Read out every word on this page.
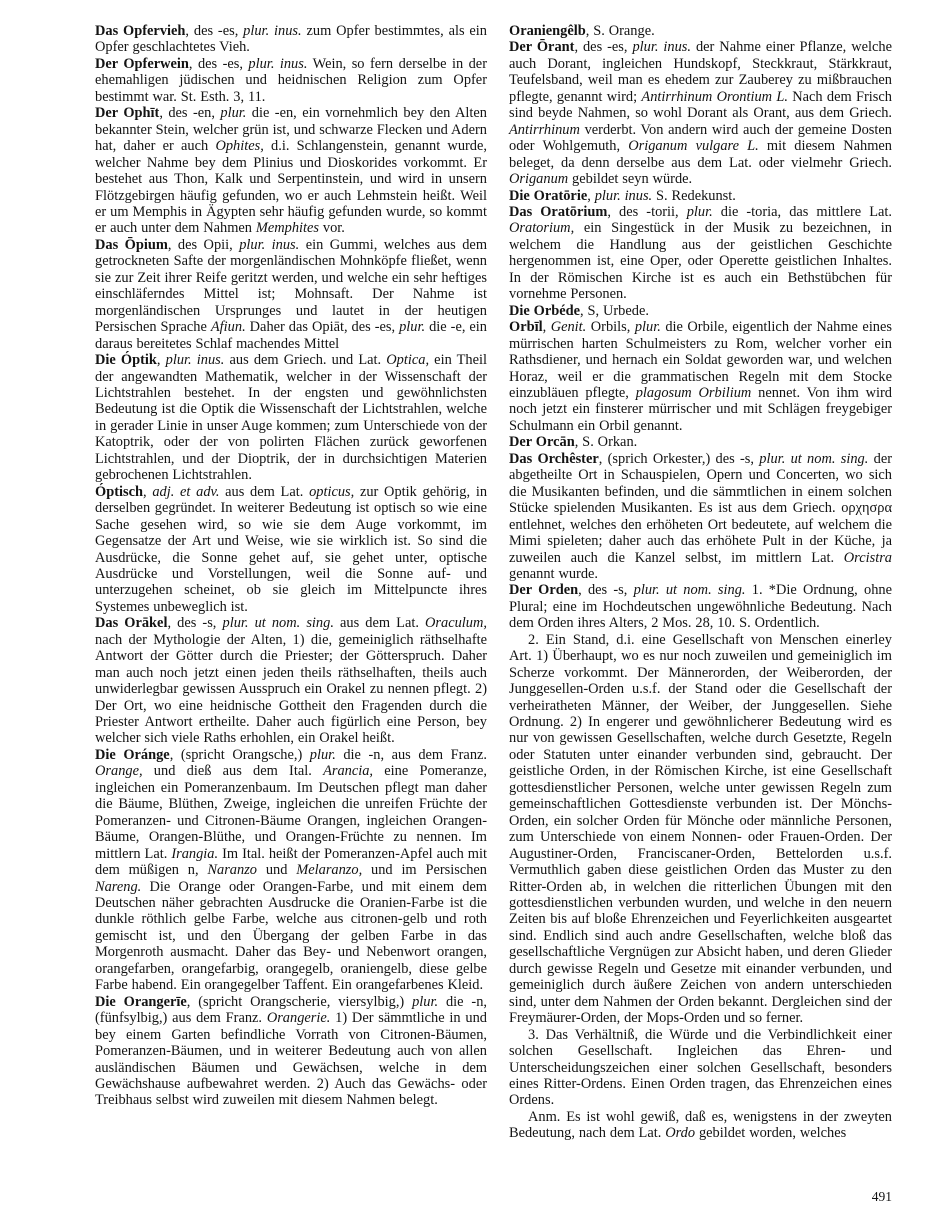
Das Opfervieh, des -es, plur. inus. zum Opfer bestimmtes, als ein Opfer geschlachtetes Vieh.

Der Opferwein, des -es, plur. inus. Wein, so fern derselbe in der ehemahligen jüdischen und heidnischen Religion zum Opfer bestimmt war. St. Esth. 3, 11.

Der Ophīt, des -en, plur. die -en, ein vornehmlich bey den Alten bekannter Stein, welcher grün ist, und schwarze Flecken und Adern hat, daher er auch Ophites, d.i. Schlangenstein, genannt wurde, welcher Nahme bey dem Plinius und Dioskorides vorkommt. Er bestehet aus Thon, Kalk und Serpentinstein, und wird in unsern Flötzgebirgen häufig gefunden, wo er auch Lehmstein heißt. Weil er um Memphis in Ägypten sehr häufig gefunden wurde, so kommt er auch unter dem Nahmen Memphites vor.

Das Ōpium, des Opii, plur. inus. ein Gummi, welches aus dem getrockneten Safte der morgenländischen Mohnköpfe fließet, wenn sie zur Zeit ihrer Reife geritzt werden, und welche ein sehr heftiges einschläferndes Mittel ist; Mohnsaft. Der Nahme ist morgenländischen Ursprunges und lautet in der heutigen Persischen Sprache Afiun. Daher das Opiāt, des -es, plur. die -e, ein daraus bereitetes Schlaf machendes Mittel

Die Óptik, plur. inus. aus dem Griech. und Lat. Optica, ein Theil der angewandten Mathematik, welcher in der Wissenschaft der Lichtstrahlen bestehet. In der engsten und gewöhnlichsten Bedeutung ist die Optik die Wissenschaft der Lichtstrahlen, welche in gerader Linie in unser Auge kommen; zum Unterschiede von der Katoptrik, oder der von polirten Flächen zurück geworfenen Lichtstrahlen, und der Dioptrik, der in durchsichtigen Materien gebrochenen Lichtstrahlen.

Óptisch, adj. et adv. aus dem Lat. opticus, zur Optik gehörig, in derselben gegründet. In weiterer Bedeutung ist optisch so wie eine Sache gesehen wird, so wie sie dem Auge vorkommt, im Gegensatze der Art und Weise, wie sie wirklich ist. So sind die Ausdrücke, die Sonne gehet auf, sie gehet unter, optische Ausdrücke und Vorstellungen, weil die Sonne auf- und unterzugehen scheinet, ob sie gleich im Mittelpuncte ihres Systemes unbeweglich ist.

Das Orākel, des -s, plur. ut nom. sing. aus dem Lat. Oraculum, nach der Mythologie der Alten, 1) die, gemeiniglich räthselhafte Antwort der Götter durch die Priester; der Götterspruch. Daher man auch noch jetzt einen jeden theils räthselhaften, theils auch unwiderlegbar gewissen Ausspruch ein Orakel zu nennen pflegt. 2) Der Ort, wo eine heidnische Gottheit den Fragenden durch die Priester Antwort ertheilte. Daher auch figürlich eine Person, bey welcher sich viele Raths erhohlen, ein Orakel heißt.

Die Oránge, (spricht Orangsche,) plur. die -n, aus dem Franz. Orange, und dieß aus dem Ital. Arancia, eine Pomeranze, ingleichen ein Pomeranzenbaum. Im Deutschen pflegt man daher die Bäume, Blüthen, Zweige, ingleichen die unreifen Früchte der Pomeranzen- und Citronen-Bäume Orangen, ingleichen Orangen-Bäume, Orangen-Blüthe, und Orangen-Früchte zu nennen. Im mittlern Lat. Irangia. Im Ital. heißt der Pomeranzen-Apfel auch mit dem müßigen n, Naranzo und Melaranzo, und im Persischen Nareng. Die Orange oder Orangen-Farbe, und mit einem dem Deutschen näher gebrachten Ausdrucke die Oranien-Farbe ist die dunkle röthlich gelbe Farbe, welche aus citronen-gelb und roth gemischt ist, und den Übergang der gelben Farbe in das Morgenroth ausmacht. Daher das Bey- und Nebenwort orangen, orangefarben, orangefarbig, orangegelb, oraniengelb, diese gelbe Farbe habend. Ein orangegelber Taffent. Ein orangefarbenes Kleid.

Die Orangerīe, (spricht Orangscherie, viersylbig,) plur. die -n, (fünfsylbig,) aus dem Franz. Orangerie. 1) Der sämmtliche in und bey einem Garten befindliche Vorrath von Citronen-Bäumen, Pomeranzen-Bäumen, und in weiterer Bedeutung auch von allen ausländischen Bäumen und Gewächsen, welche in dem Gewächshause aufbewahret werden. 2) Auch das Gewächs- oder Treibhaus selbst wird zuweilen mit diesem Nahmen belegt.

Oraniengêlb, S. Orange.

Der Ōrant, des -es, plur. inus. der Nahme einer Pflanze, welche auch Dorant, ingleichen Hundskopf, Steckkraut, Stärkkraut, Teufelsband, weil man es ehedem zur Zauberey zu mißbrauchen pflegte, genannt wird; Antirrhinum Orontium L. Nach dem Frisch sind beyde Nahmen, so wohl Dorant als Orant, aus dem Griech. Antirrhinum verderbt. Von andern wird auch der gemeine Dosten oder Wohlgemuth, Origanum vulgare L. mit diesem Nahmen beleget, da denn derselbe aus dem Lat. oder vielmehr Griech. Origanum gebildet seyn würde.

Die Oratōrie, plur. inus. S. Redekunst.

Das Oratōrium, des -torii, plur. die -toria, das mittlere Lat. Oratorium, ein Singestück in der Musik zu bezeichnen, in welchem die Handlung aus der geistlichen Geschichte hergenommen ist, eine Oper, oder Operette geistlichen Inhaltes. In der Römischen Kirche ist es auch ein Bethstübchen für vornehme Personen.

Die Orbéde, S, Urbede.

Orbīl, Genit. Orbils, plur. die Orbile, eigentlich der Nahme eines mürrischen harten Schulmeisters zu Rom, welcher vorher ein Rathsdiener, und hernach ein Soldat geworden war, und welchen Horaz, weil er die grammatischen Regeln mit dem Stocke einzubläuen pflegte, plagosum Orbilium nennet. Von ihm wird noch jetzt ein finsterer mürrischer und mit Schlägen freygebiger Schulmann ein Orbil genannt.

Der Orcān, S. Orkan.

Das Orchêster, (sprich Orkester,) des -s, plur. ut nom. sing. der abgetheilte Ort in Schauspielen, Opern und Concerten, wo sich die Musikanten befinden, und die sämmtlichen in einem solchen Stücke spielenden Musikanten. Es ist aus dem Griech. ορχησρα entlehnet, welches den erhöheten Ort bedeutete, auf welchem die Mimi spieleten; daher auch das erhöhete Pult in der Küche, ja zuweilen auch die Kanzel selbst, im mittlern Lat. Orcistra genannt wurde.

Der Orden, des -s, plur. ut nom. sing. 1. *Die Ordnung, ohne Plural; eine im Hochdeutschen ungewöhnliche Bedeutung. Nach dem Orden ihres Alters, 2 Mos. 28, 10. S. Ordentlich.

2. Ein Stand, d.i. eine Gesellschaft von Menschen einerley Art. 1) Überhaupt, wo es nur noch zuweilen und gemeiniglich im Scherze vorkommt. Der Männerorden, der Weiberorden, der Junggesellen-Orden u.s.f. der Stand oder die Gesellschaft der verheiratheten Männer, der Weiber, der Junggesellen. Siehe Ordnung. 2) In engerer und gewöhnlicherer Bedeutung wird es nur von gewissen Gesellschaften, welche durch Gesetzte, Regeln oder Statuten unter einander verbunden sind, gebraucht. Der geistliche Orden, in der Römischen Kirche, ist eine Gesellschaft gottesdienstlicher Personen, welche unter gewissen Regeln zum gemeinschaftlichen Gottesdienste verbunden ist. Der Mönchs-Orden, ein solcher Orden für Mönche oder männliche Personen, zum Unterschiede von einem Nonnen- oder Frauen-Orden. Der Augustiner-Orden, Franciscaner-Orden, Bettelorden u.s.f. Vermuthlich gaben diese geistlichen Orden das Muster zu den Ritter-Orden ab, in welchen die ritterlichen Übungen mit den gottesdienstlichen verbunden wurden, und welche in den neuern Zeiten bis auf bloße Ehrenzeichen und Feyerlichkeiten ausgeartet sind. Endlich sind auch andre Gesellschaften, welche bloß das gesellschaftliche Vergnügen zur Absicht haben, und deren Glieder durch gewisse Regeln und Gesetze mit einander verbunden, und gemeiniglich durch äußere Zeichen von andern unterschieden sind, unter dem Nahmen der Orden bekannt. Dergleichen sind der Freymäurer-Orden, der Mops-Orden und so ferner.

3. Das Verhältniß, die Würde und die Verbindlichkeit einer solchen Gesellschaft. Ingleichen das Ehren- und Unterscheidungszeichen einer solchen Gesellschaft, besonders eines Ritter-Ordens. Einen Orden tragen, das Ehrenzeichen eines Ordens.

Anm. Es ist wohl gewiß, daß es, wenigstens in der zweyten Bedeutung, nach dem Lat. Ordo gebildet worden, welches

491
